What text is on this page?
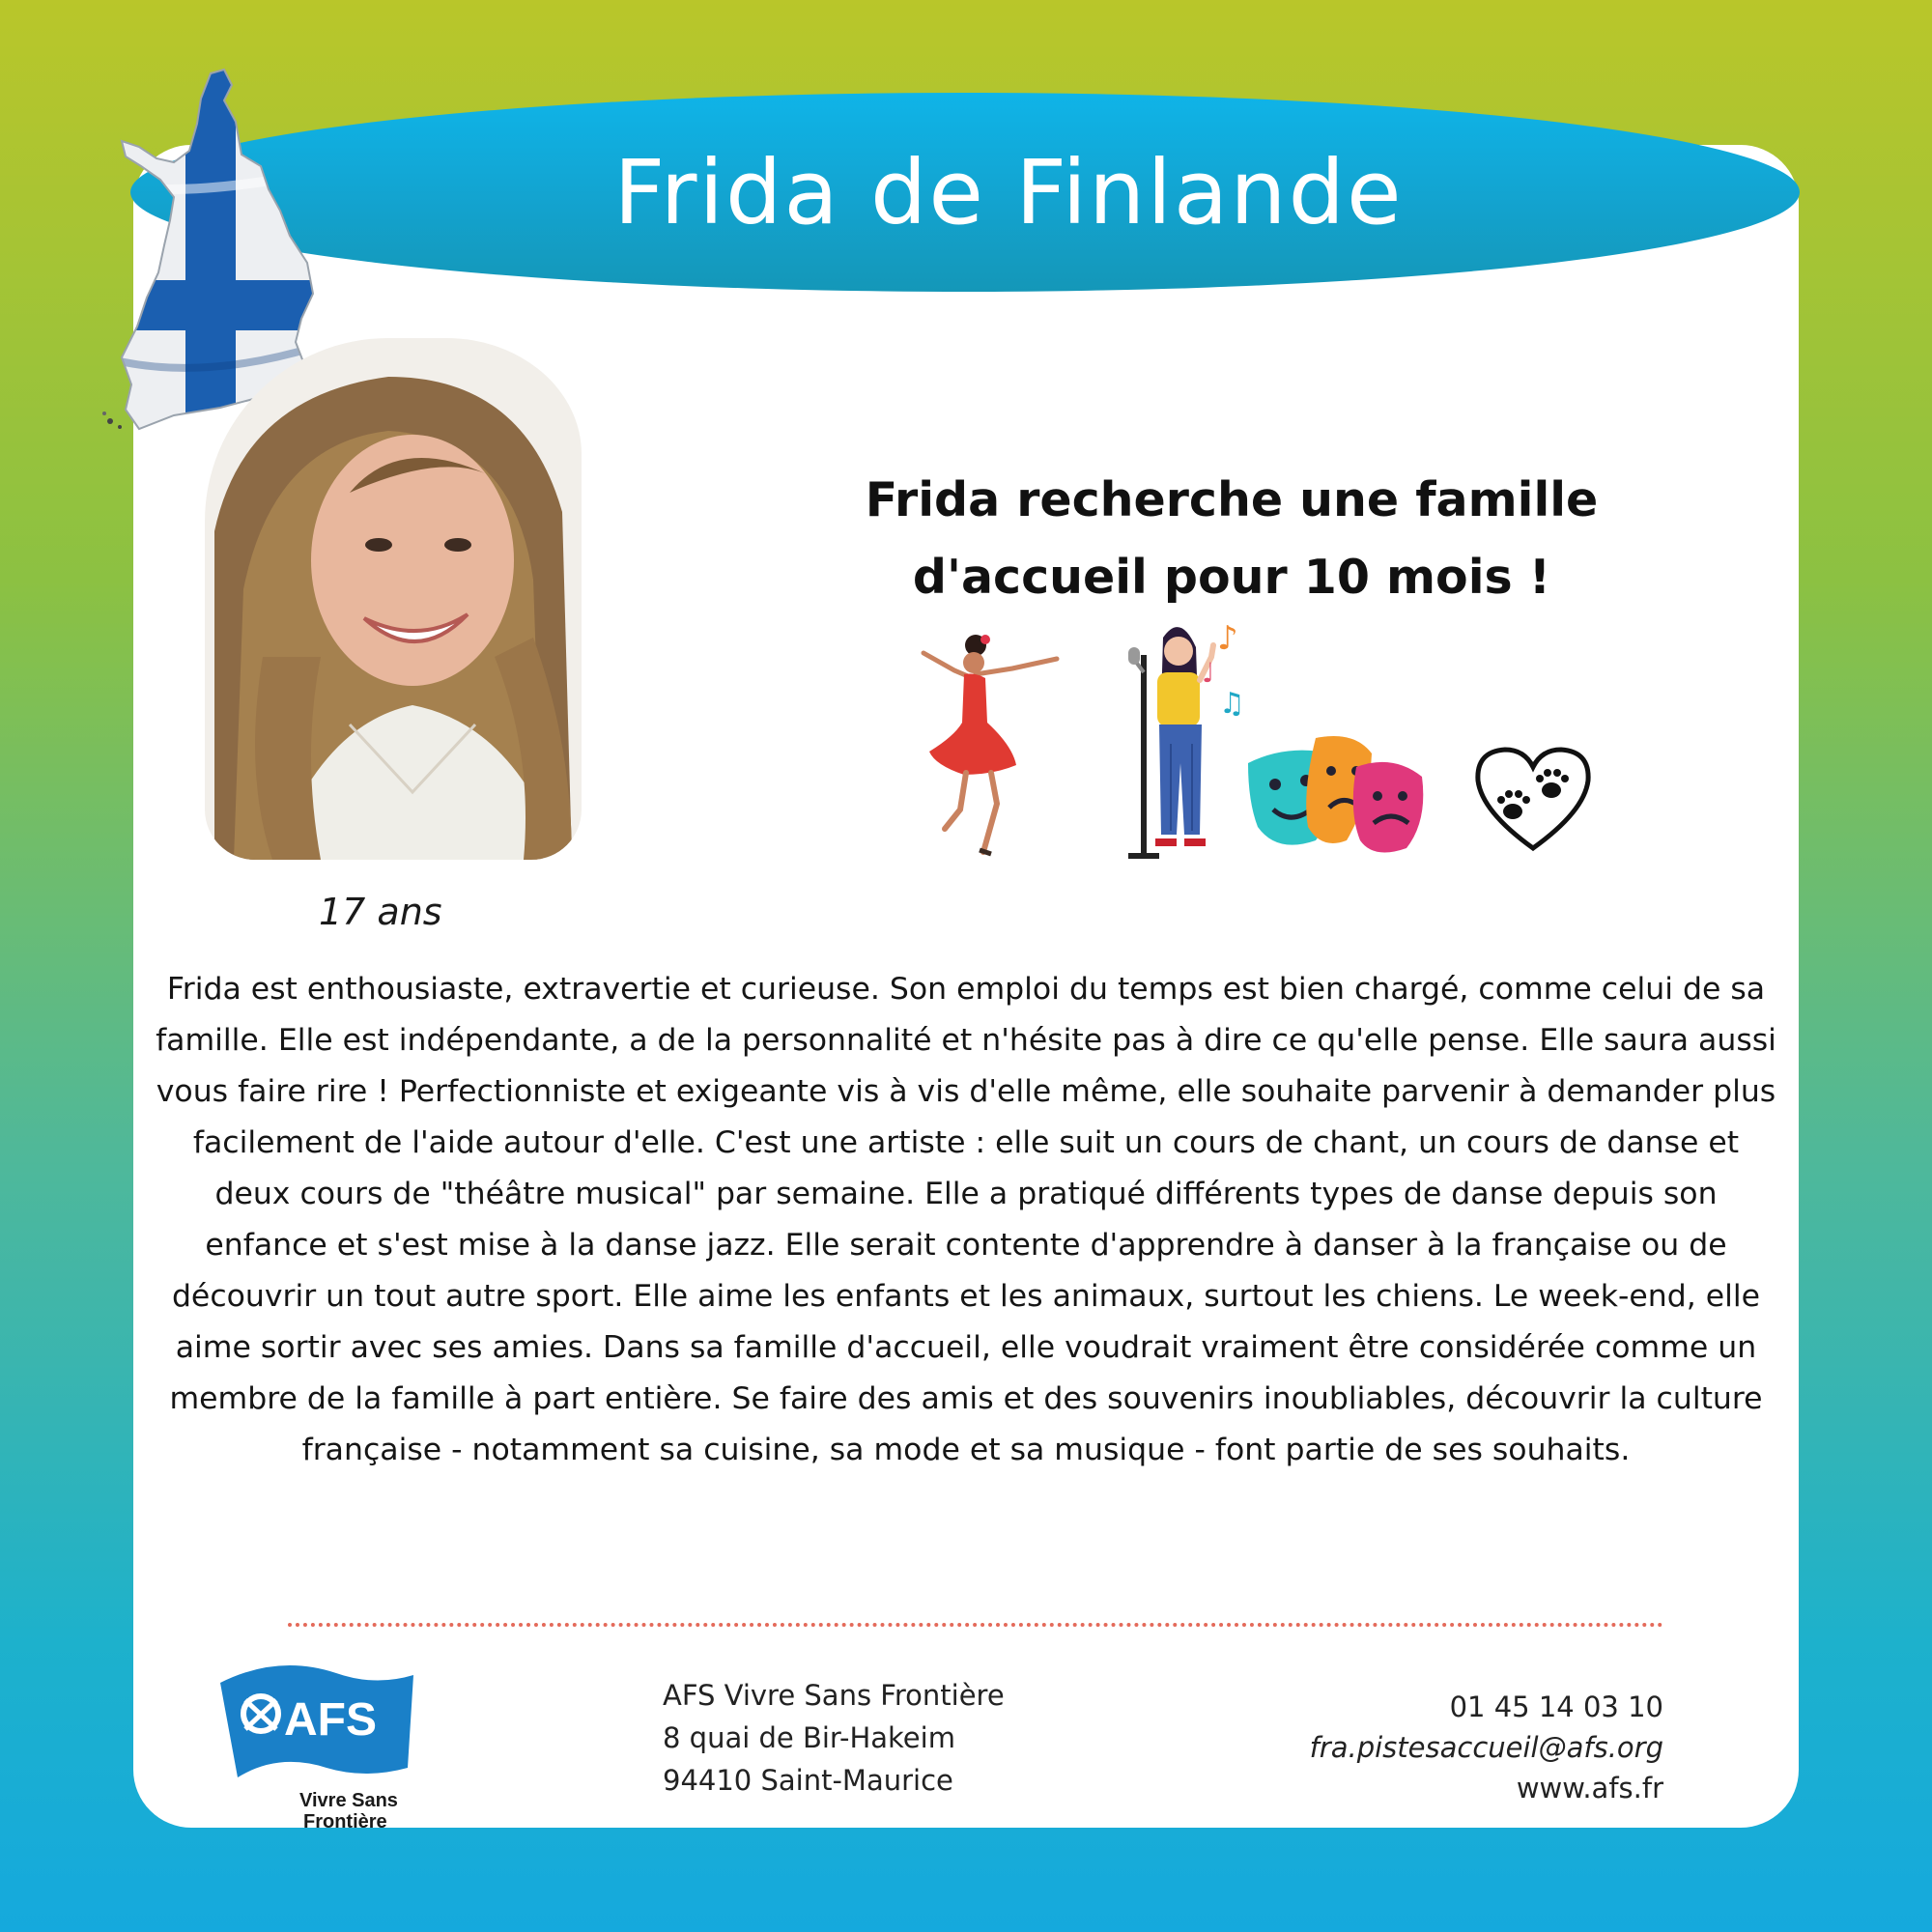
Frida de Finlande
17 ans
Frida recherche une famille
d'accueil pour 10 mois !
♪
♩
♫
Frida est enthousiaste, extravertie et curieuse. Son emploi du temps est bien chargé, comme celui de sa famille. Elle est indépendante, a de la personnalité et n'hésite pas à dire ce qu'elle pense. Elle saura aussi vous faire rire ! Perfectionniste et exigeante vis à vis d'elle même, elle souhaite parvenir à demander plus facilement de l'aide autour d'elle. C'est une artiste : elle suit un cours de chant, un cours de danse et deux cours de "théâtre musical" par semaine. Elle a pratiqué différents types de danse depuis son enfance et s'est mise à la danse jazz. Elle serait contente d'apprendre à danser à la française ou de découvrir un tout autre sport. Elle aime les enfants et les animaux, surtout les chiens. Le week-end, elle aime sortir avec ses amies. Dans sa famille d'accueil, elle voudrait vraiment être considérée comme un membre de la famille à part entière. Se faire des amis et des souvenirs inoubliables, découvrir la culture française - notamment sa cuisine, sa mode et sa musique - font partie de ses souhaits.
AFS
Vivre Sans
Frontière
AFS Vivre Sans Frontière
8 quai de Bir-Hakeim
94410 Saint-Maurice
01 45 14 03 10
fra.pistesaccueil@afs.org
www.afs.fr
